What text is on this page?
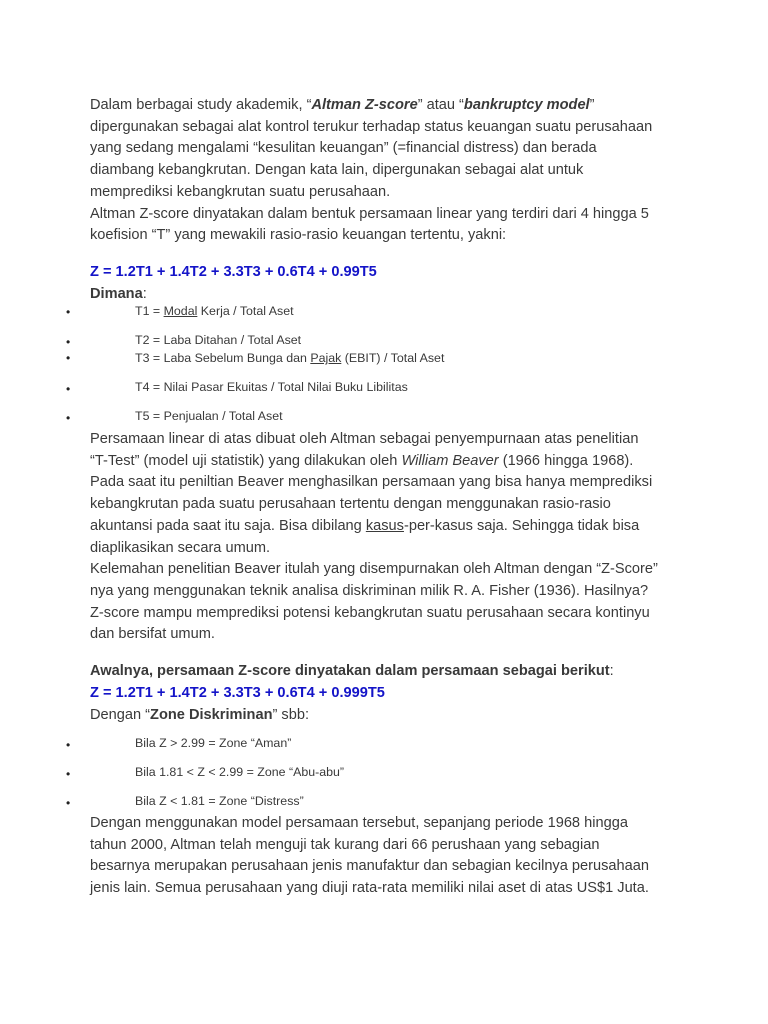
Dalam berbagai study akademik, “Altman Z-score” atau “bankruptcy model”
dipergunakan sebagai alat kontrol terukur terhadap status keuangan suatu perusahaan
yang sedang mengalami “kesulitan keuangan” (=financial distress) dan berada
diambang kebangkrutan. Dengan kata lain, dipergunakan sebagai alat untuk
memprediksi kebangkrutan suatu perusahaan.
Altman Z-score dinyatakan dalam bentuk persamaan linear yang terdiri dari 4 hingga 5
koefision “T” yang mewakili rasio-rasio keuangan tertentu, yakni:

Z = 1.2T1 + 1.4T2 + 3.3T3 + 0.6T4 + 0.99T5

Dimana:

•	T1 = Modal Kerja / Total Aset
•	T2 = Laba Ditahan / Total Aset
•	T3 = Laba Sebelum Bunga dan Pajak (EBIT) / Total Aset
•	T4 = Nilai Pasar Ekuitas / Total Nilai Buku Libilitas
•	T5 = Penjualan / Total Aset

Persamaan linear di atas dibuat oleh Altman sebagai penyempurnaan atas penelitian
“T-Test” (model uji statistik) yang dilakukan oleh William Beaver (1966 hingga 1968).
Pada saat itu peniltian Beaver menghasilkan persamaan yang bisa hanya memprediksi
kebangkrutan pada suatu perusahaan tertentu dengan menggunakan rasio-rasio
akuntansi pada saat itu saja. Bisa dibilang kasus-per-kasus saja. Sehingga tidak bisa
diaplikasikan secara umum.
Kelemahan penelitian Beaver itulah yang disempurnakan oleh Altman dengan “Z-Score”
nya yang menggunakan teknik analisa diskriminan milik R. A. Fisher (1936). Hasilnya?
Z-score mampu memprediksi potensi kebangkrutan suatu perusahaan secara kontinyu
dan bersifat umum.

Awalnya, persamaan Z-score dinyatakan dalam persamaan sebagai berikut:

Z = 1.2T1 + 1.4T2 + 3.3T3 + 0.6T4 + 0.999T5

Dengan “Zone Diskriminan” sbb:

•	Bila Z > 2.99 = Zone “Aman”
•	Bila 1.81 < Z < 2.99 = Zone “Abu-abu”
•	Bila Z < 1.81 = Zone “Distress”

Dengan menggunakan model persamaan tersebut, sepanjang periode 1968 hingga
tahun 2000, Altman telah menguji tak kurang dari 66 perushaan yang sebagian
besarnya merupakan perusahaan jenis manufaktur dan sebagian kecilnya perusahaan
jenis lain. Semua perusahaan yang diuji rata-rata memiliki nilai aset di atas US$1 Juta.
